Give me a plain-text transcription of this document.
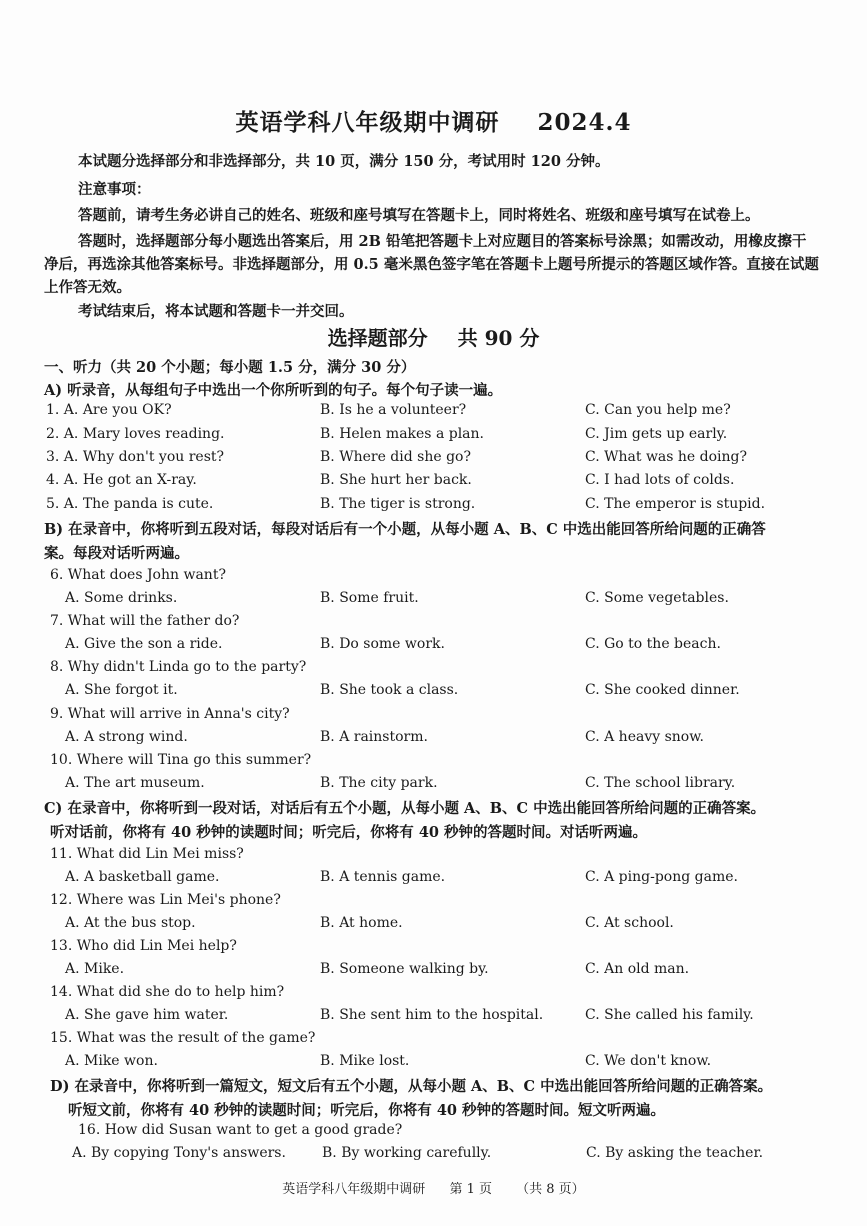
英语学科八年级期中调研 2024.4
本试题分选择部分和非选择部分，共 10 页，满分 150 分，考试用时 120 分钟。
注意事项：
答题前，请考生务必讲自己的姓名、班级和座号填写在答题卡上，同时将姓名、班级和座号填写在试卷上。
答题时，选择题部分每小题选出答案后，用 2B 铅笔把答题卡上对应题目的答案标号涂黑；如需改动，用橡皮擦干净后，再选涂其他答案标号。非选择题部分，用 0.5 毫米黑色签字笔在答题卡上题号所提示的答题区域作答。直接在试题上作答无效。
考试结束后，将本试题和答题卡一并交回。
选择题部分 共 90 分
一、听力（共 20 个小题；每小题 1.5 分，满分 30 分）
A) 听录音，从每组句子中选出一个你所听到的句子。每个句子读一遍。
1. A. Are you OK?	B. Is he a volunteer?	C. Can you help me?
2. A. Mary loves reading.	B. Helen makes a plan.	C. Jim gets up early.
3. A. Why don't you rest?	B. Where did she go?	C. What was he doing?
4. A. He got an X-ray.	B. She hurt her back.	C. I had lots of colds.
5. A. The panda is cute.	B. The tiger is strong.	C. The emperor is stupid.
B) 在录音中，你将听到五段对话，每段对话后有一个小题，从每小题 A、B、C 中选出能回答所给问题的正确答
案。每段对话听两遍。
6. What does John want?
A. Some drinks.	B. Some fruit.	C. Some vegetables.
7. What will the father do?
A. Give the son a ride.	B. Do some work.	C. Go to the beach.
8. Why didn't Linda go to the party?
A. She forgot it.	B. She took a class.	C. She cooked dinner.
9. What will arrive in Anna's city?
A. A strong wind.	B. A rainstorm.	C. A heavy snow.
10. Where will Tina go this summer?
A. The art museum.	B. The city park.	C. The school library.
C) 在录音中，你将听到一段对话，对话后有五个小题，从每小题 A、B、C 中选出能回答所给问题的正确答案。
听对话前，你将有 40 秒钟的读题时间；听完后，你将有 40 秒钟的答题时间。对话听两遍。
11. What did Lin Mei miss?
A. A basketball game.	B. A tennis game.	C. A ping-pong game.
12. Where was Lin Mei's phone?
A. At the bus stop.	B. At home.	C. At school.
13. Who did Lin Mei help?
A. Mike.	B. Someone walking by.	C. An old man.
14. What did she do to help him?
A. She gave him water.	B. She sent him to the hospital.	C. She called his family.
15. What was the result of the game?
A. Mike won.	B. Mike lost.	C. We don't know.
D) 在录音中，你将听到一篇短文，短文后有五个小题，从每小题 A、B、C 中选出能回答所给问题的正确答案。
听短文前，你将有 40 秒钟的读题时间；听完后，你将有 40 秒钟的答题时间。短文听两遍。
16. How did Susan want to get a good grade?
A. By copying Tony's answers.	B. By working carefully.	C. By asking the teacher.
英语学科八年级期中调研 第 1 页 （共 8 页）
